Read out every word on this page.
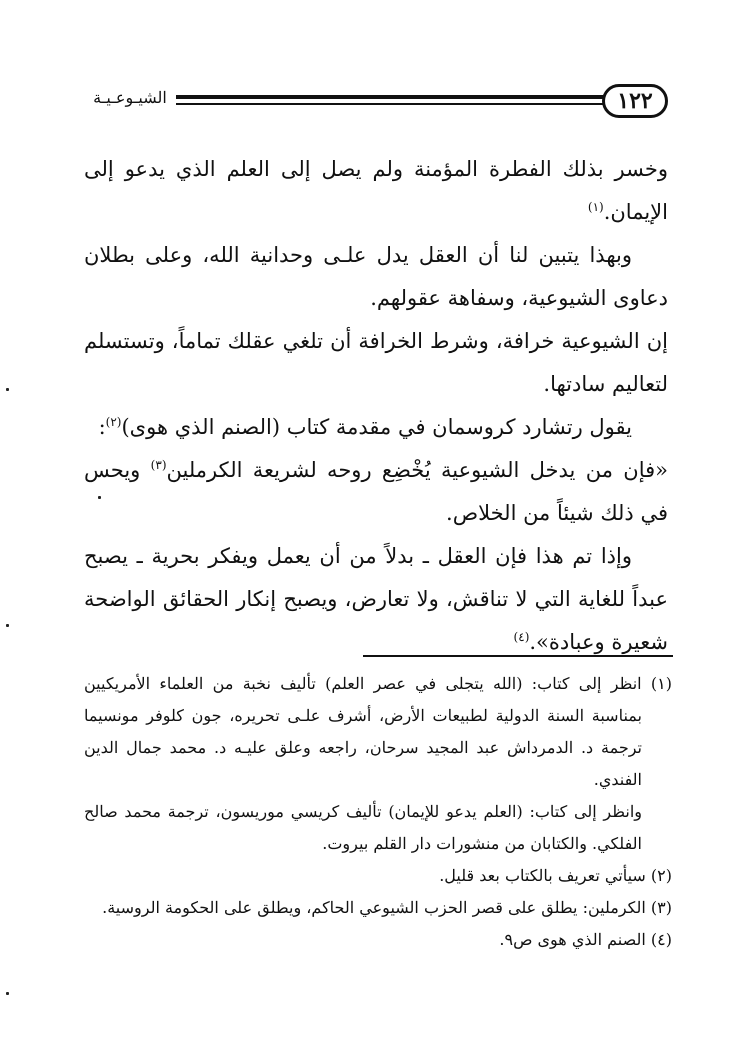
الشيـوعـيـة	١٢٢

وخسر بذلك الفطرة المؤمنة ولم يصل إلى العلم الذي يدعو إلى الإيمان.$^{(١)}$

وبهذا يتبين لنا أن العقل يدل علـى وحدانية الله، وعلى بطلان دعاوى الشيوعية، وسفاهة عقولهم.

إن الشيوعية خرافة، وشرط الخرافة أن تلغي عقلك تماماً، وتستسلم لتعاليم سادتها.

يقول رتشارد كروسمان في مقدمة كتاب (الصنم الذي هوى)$^{(٢)}$:

«فإن من يدخل الشيوعية يُخْضِع روحه لشريعة الكرملين$^{(٣)}$ ويحس في ذلك شيئاً من الخلاص.

وإذا تم هذا فإن العقل ـ بدلاً من أن يعمل ويفكر بحرية ـ يصبح عبداً للغاية التي لا تناقش، ولا تعارض، ويصبح إنكار الحقائق الواضحة شعيرة وعبادة».$^{(٤)}$

(١) انظر إلى كتاب: (الله يتجلى في عصر العلم) تأليف نخبة من العلماء الأمريكيين بمناسبة السنة الدولية لطبيعات الأرض، أشرف علـى تحريره، جون كلوفر مونسيما ترجمة د. الدمرداش عبد المجيد سرحان، راجعه وعلق عليـه د. محمد جمال الدين الفندي.

وانظر إلى كتاب: (العلم يدعو للإيمان) تأليف كريسي موريسون، ترجمة محمد صالح الفلكي. والكتابان من منشورات دار القلم بيروت.

(٢) سيأتي تعريف بالكتاب بعد قليل.

(٣) الكرملين: يطلق على قصر الحزب الشيوعي الحاكم، ويطلق على الحكومة الروسية.

(٤) الصنم الذي هوى ص٩.
